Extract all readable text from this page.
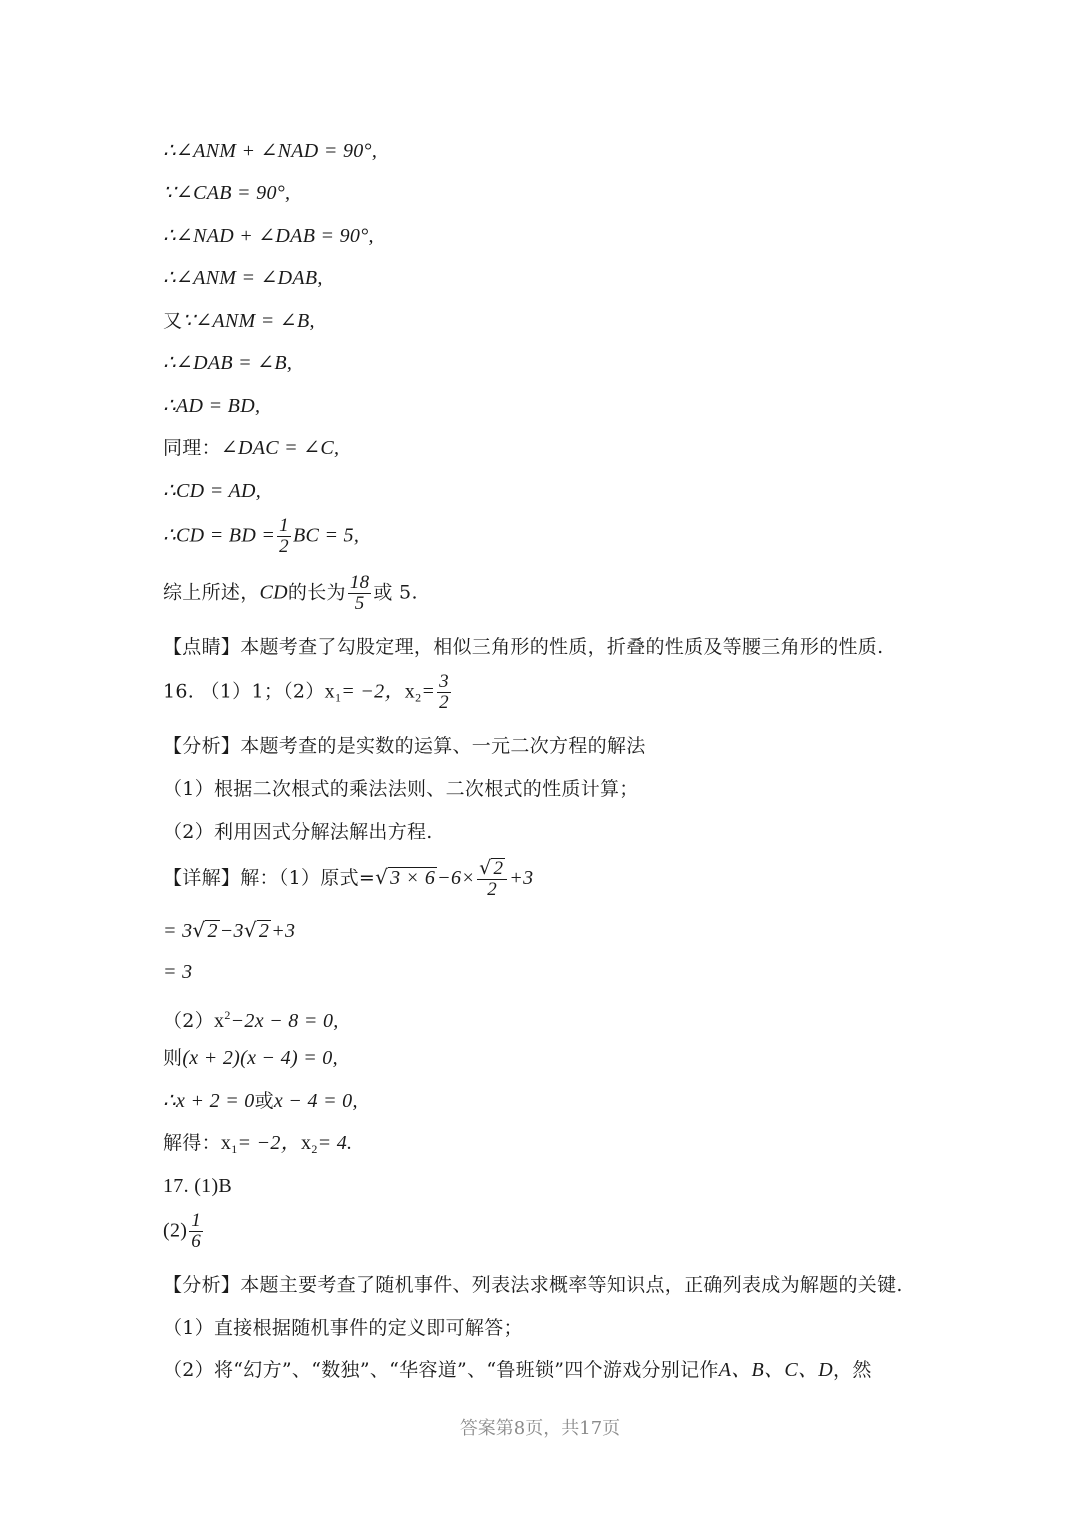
∴∠ANM + ∠NAD = 90°,
∵∠CAB = 90°,
∴∠NAD + ∠DAB = 90°,
∴∠ANM = ∠DAB,
又∵∠ANM = ∠B,
∴∠DAB = ∠B,
∴AD = BD,
同理：∠DAC = ∠C,
∴CD = AD,
∴CD = BD = $\frac{1}{2}$ BC = 5,
综上所述，CD的长为 $\frac{18}{5}$ 或 5.
【点睛】本题考查了勾股定理，相似三角形的性质，折叠的性质及等腰三角形的性质.
16. （1）1；$(2)x_1= -2$，$x_2= \frac{3}{2}$
【分析】本题考查的是实数的运算、一元二次方程的解法
（1）根据二次根式的乘法法则、二次根式的性质计算；
（2）利用因式分解法解出方程.
【详解】解：（1）原式=√ $3 \times 6 -6\times \frac{√ 2}{2} +3$
= 3√ 2 −3√ 2 +3
= 3
$(2)x^2-2x - 8 = 0$,
则(x + 2)(x − 4) = 0,
∴x + 2 = 0或x − 4 = 0,
解得：$x_1= -2$，$x_2= 4$.
17. (1)B
$(2) \frac{1}{6}$
【分析】本题主要考查了随机事件、列表法求概率等知识点，正确列表成为解题的关键.
（1）直接根据随机事件的定义即可解答；
（2）将“幻方”、“数独”、“华容道”、“鲁班锁”四个游戏分别记作A、B、C、D，然
答案第8页，共17页
